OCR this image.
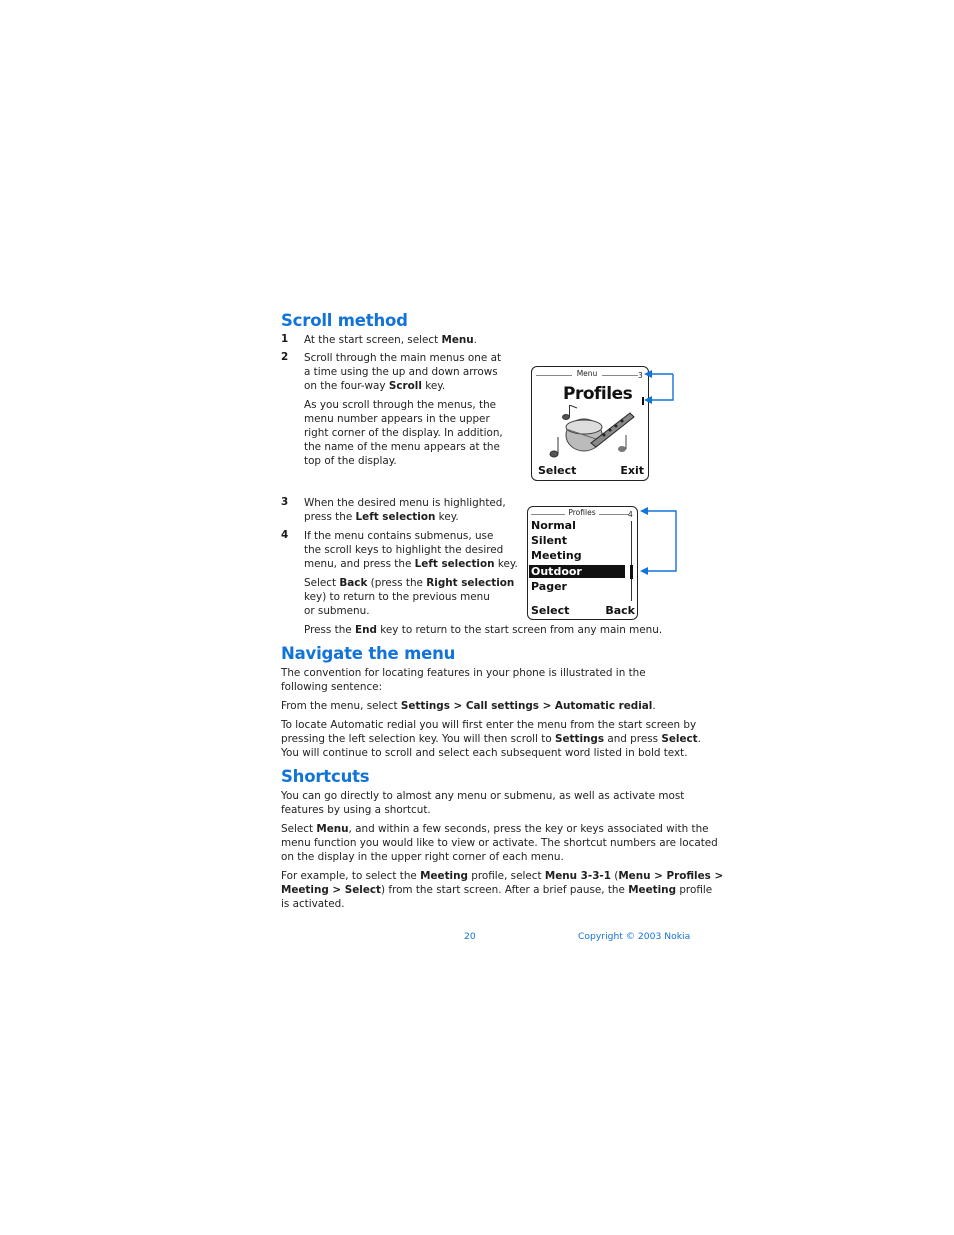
Scroll method
1 At the start screen, select Menu.
2 Scroll through the main menus one at
a time using the up and down arrows
on the four-way Scroll key.
As you scroll through the menus, the
menu number appears in the upper
right corner of the display. In addition,
the name of the menu appears at the
top of the display.
Menu	3
Profiles
Select	Exit
3 When the desired menu is highlighted,
press the Left selection key.
4 If the menu contains submenus, use
the scroll keys to highlight the desired
menu, and press the Left selection key.
Select Back (press the Right selection
key) to return to the previous menu
or submenu.
Press the End key to return to the start screen from any main menu.
Profiles	4
Normal
Silent
Meeting
Outdoor
Pager
Select	Back
Navigate the menu
The convention for locating features in your phone is illustrated in the
following sentence:
From the menu, select Settings > Call settings > Automatic redial.
To locate Automatic redial you will first enter the menu from the start screen by
pressing the left selection key. You will then scroll to Settings and press Select.
You will continue to scroll and select each subsequent word listed in bold text.
Shortcuts
You can go directly to almost any menu or submenu, as well as activate most
features by using a shortcut.
Select Menu, and within a few seconds, press the key or keys associated with the
menu function you would like to view or activate. The shortcut numbers are located
on the display in the upper right corner of each menu.
For example, to select the Meeting profile, select Menu 3-3-1 (Menu > Profiles >
Meeting > Select) from the start screen. After a brief pause, the Meeting profile
is activated.
20	Copyright © 2003 Nokia
